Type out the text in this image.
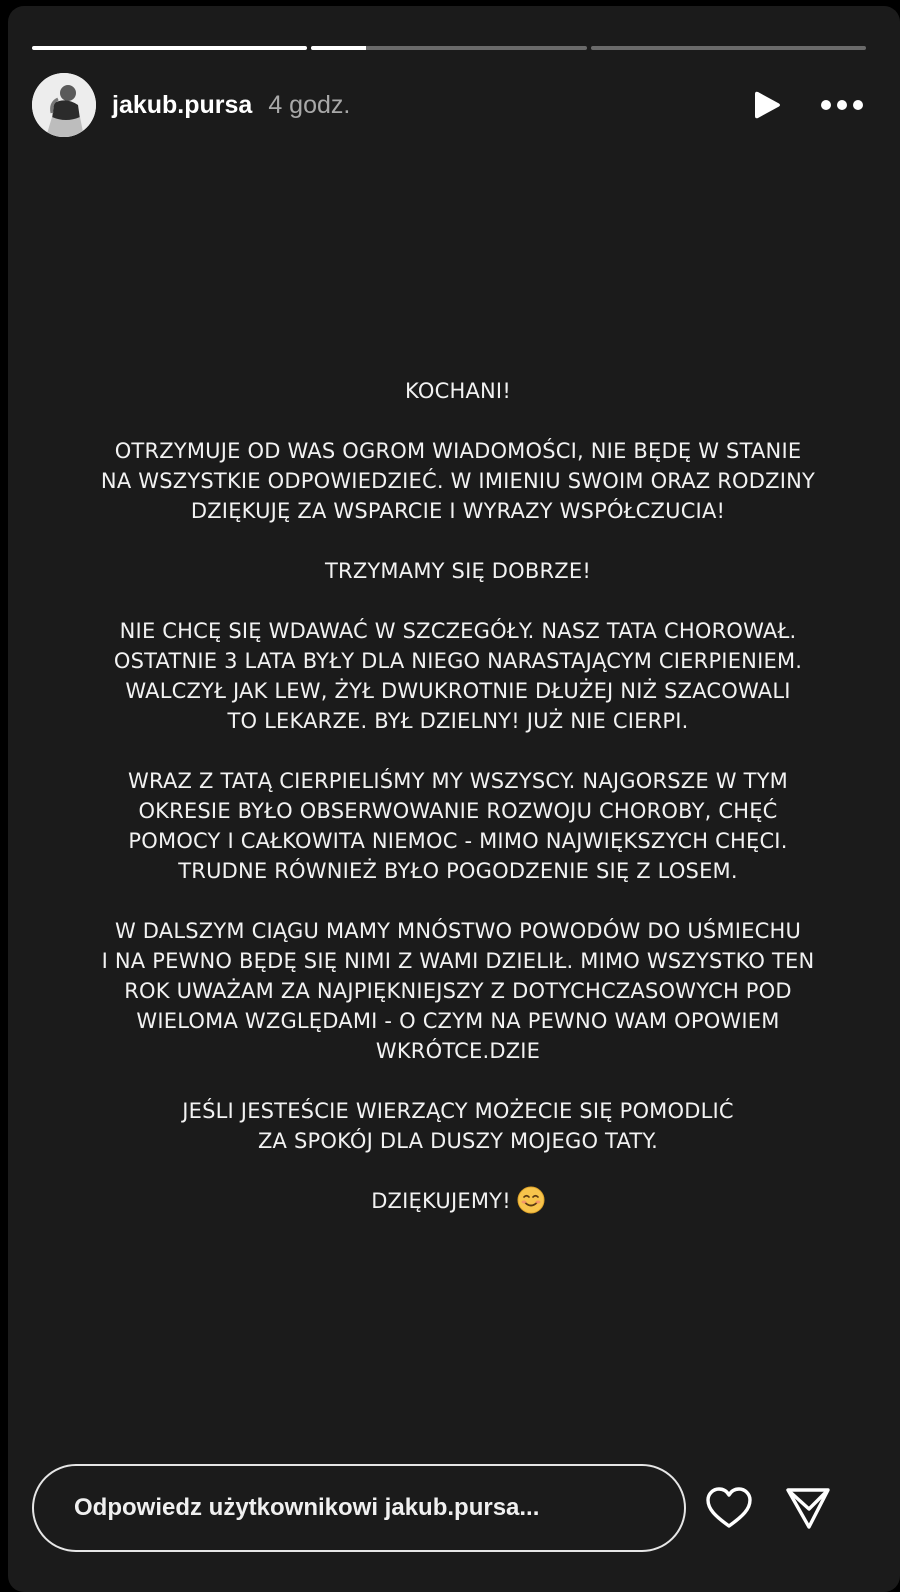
jakub.pursa 4 godz.

KOCHANI!

OTRZYMUJE OD WAS OGROM WIADOMOŚCI, NIE BĘDĘ W STANIE
NA WSZYSTKIE ODPOWIEDZIEĆ. W IMIENIU SWOIM ORAZ RODZINY
DZIĘKUJĘ ZA WSPARCIE I WYRAZY WSPÓŁCZUCIA!

TRZYMAMY SIĘ DOBRZE!

NIE CHCĘ SIĘ WDAWAĆ W SZCZEGÓŁY. NASZ TATA CHOROWAŁ.
OSTATNIE 3 LATA BYŁY DLA NIEGO NARASTAJĄCYM CIERPIENIEM.
WALCZYŁ JAK LEW, ŻYŁ DWUKROTNIE DŁUŻEJ NIŻ SZACOWALI
TO LEKARZE. BYŁ DZIELNY! JUŻ NIE CIERPI.

WRAZ Z TATĄ CIERPIELIŚMY MY WSZYSCY. NAJGORSZE W TYM
OKRESIE BYŁO OBSERWOWANIE ROZWOJU CHOROBY, CHĘĆ
POMOCY I CAŁKOWITA NIEMOC - MIMO NAJWIĘKSZYCH CHĘCI.
TRUDNE RÓWNIEŻ BYŁO POGODZENIE SIĘ Z LOSEM.

W DALSZYM CIĄGU MAMY MNÓSTWO POWODÓW DO UŚMIECHU
I NA PEWNO BĘDĘ SIĘ NIMI Z WAMI DZIELIŁ. MIMO WSZYSTKO TEN
ROK UWAŻAM ZA NAJPIĘKNIEJSZY Z DOTYCHCZASOWYCH POD
WIELOMA WZGLĘDAMI - O CZYM NA PEWNO WAM OPOWIEM
WKRÓTCE.DZIE

JEŚLI JESTEŚCIE WIERZĄCY MOŻECIE SIĘ POMODLIĆ
ZA SPOKÓJ DLA DUSZY MOJEGO TATY.

DZIĘKUJEMY!

Odpowiedz użytkownikowi jakub.pursa...
